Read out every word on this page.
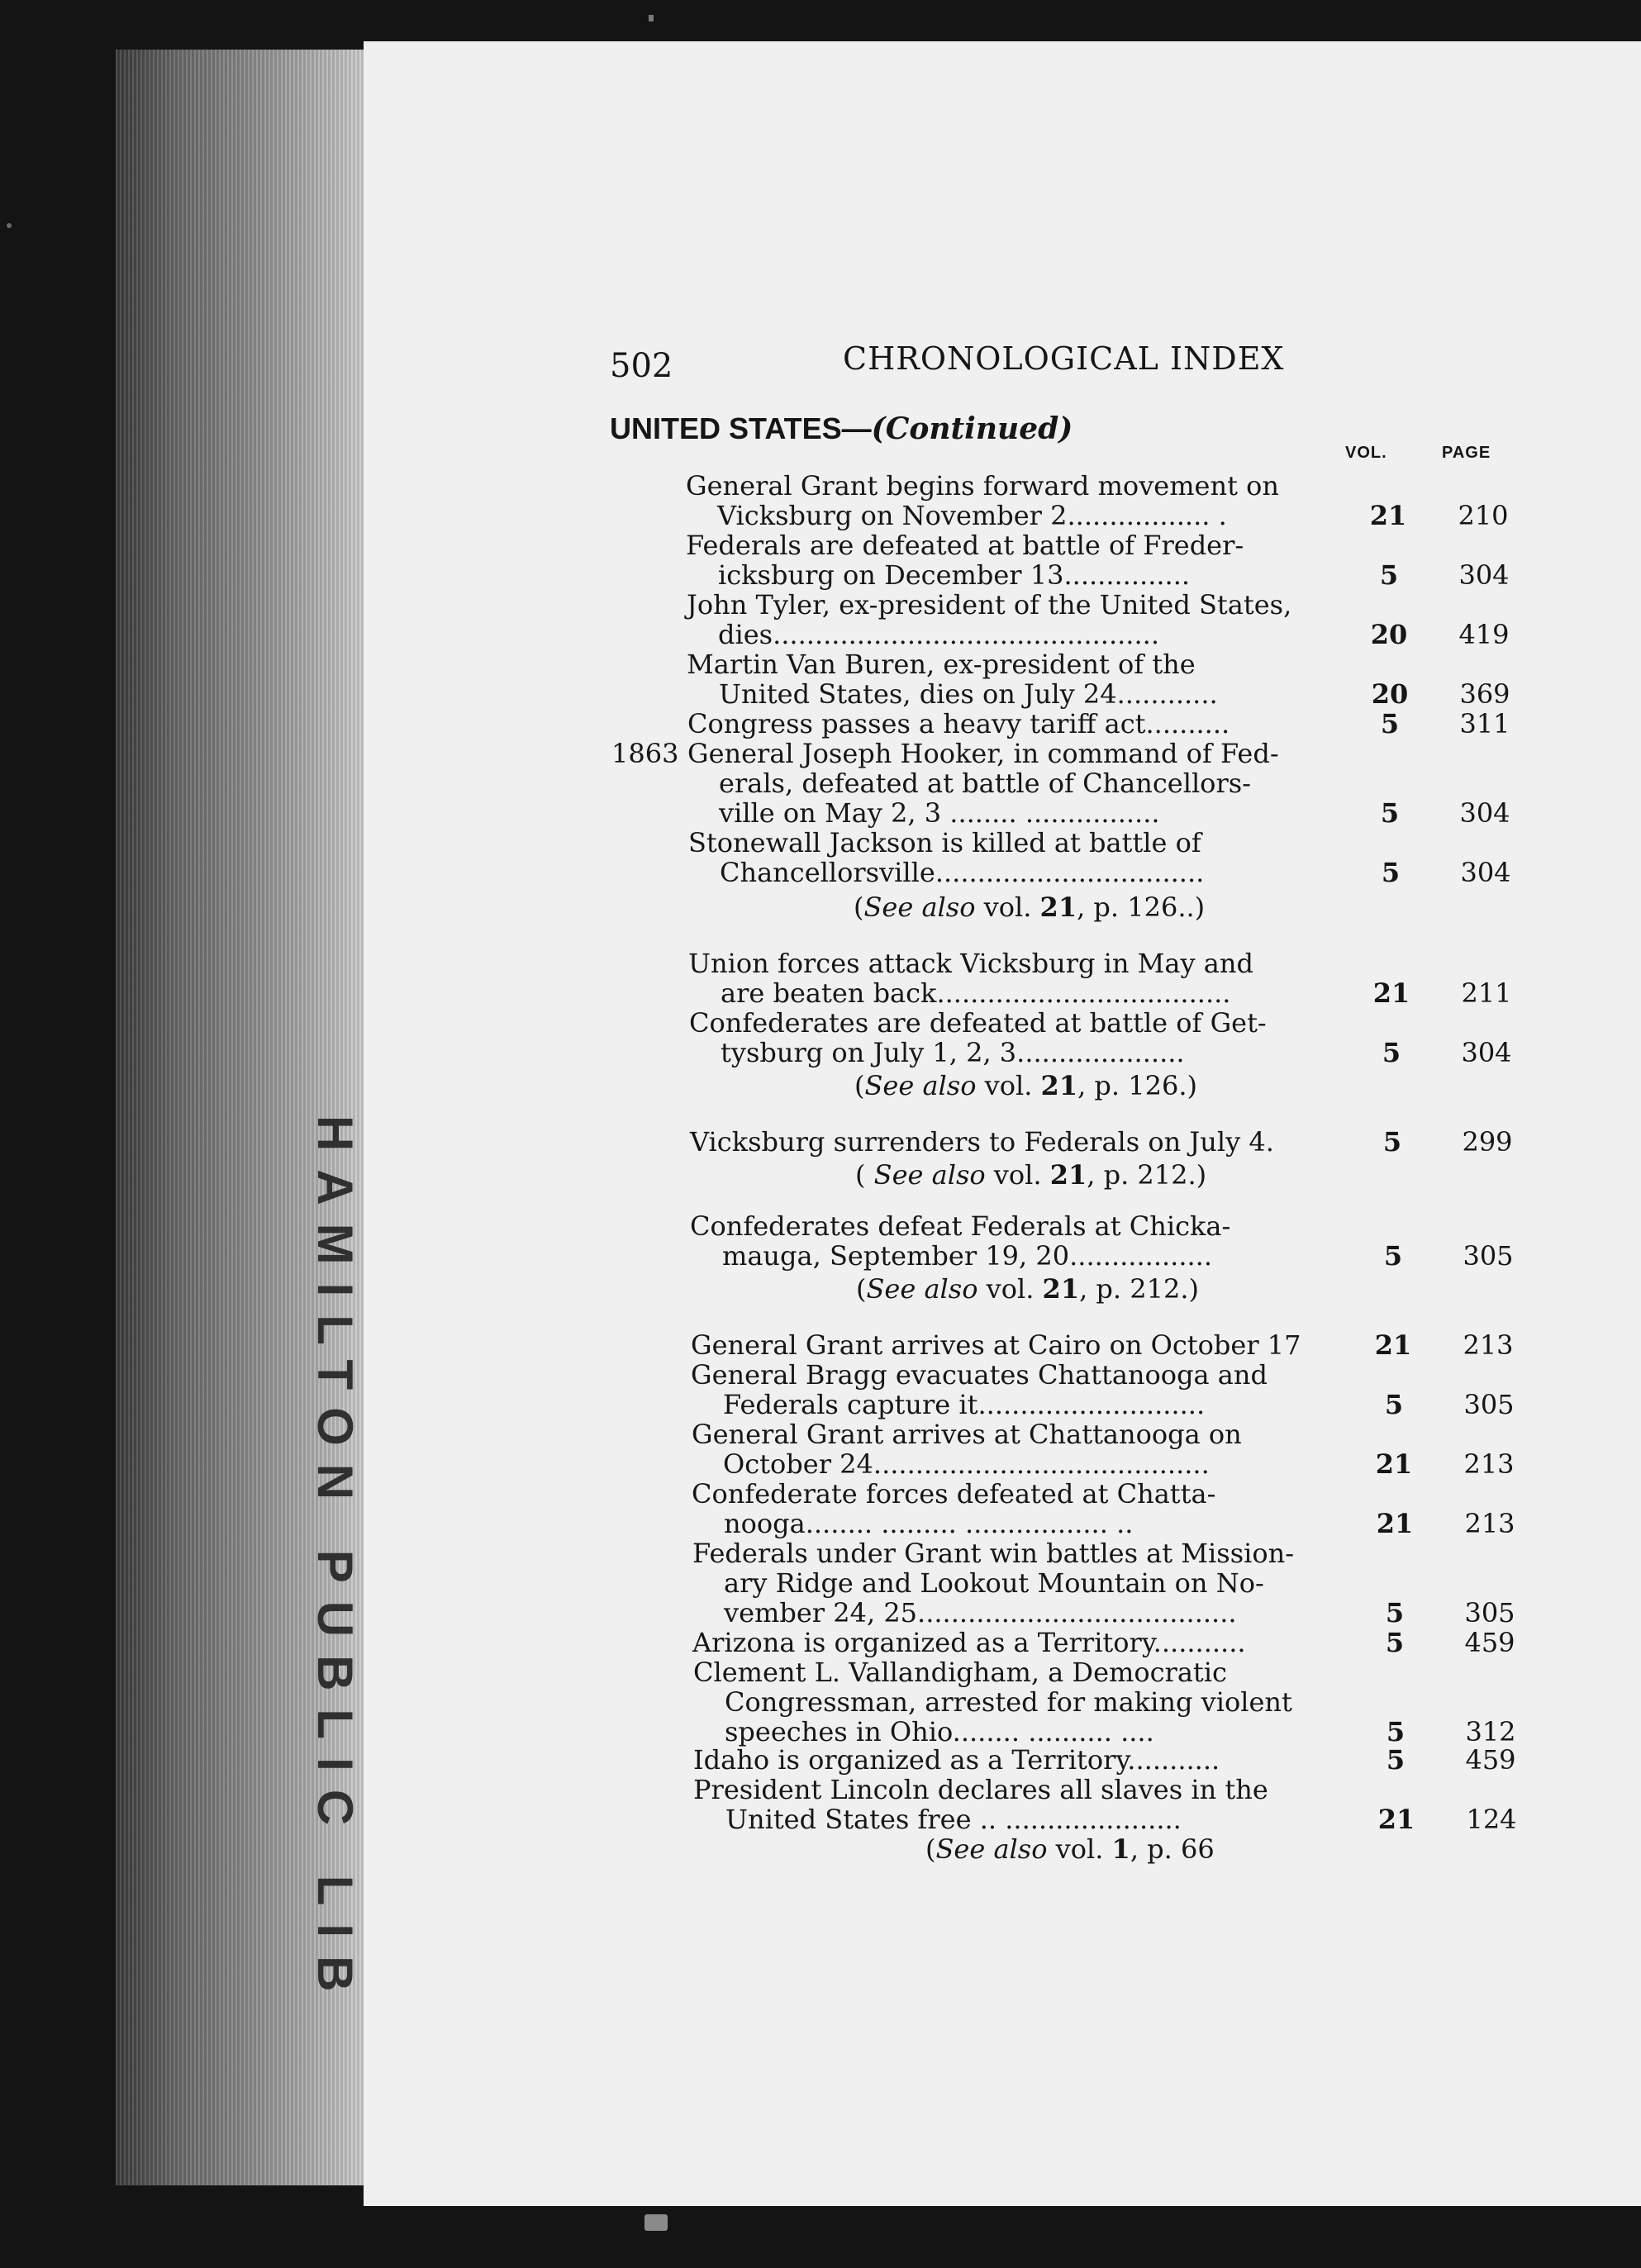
HAMILTON PUBLIC LIB
502	CHRONOLOGICAL INDEX
UNITED STATES—(Continued)
VOL.	PAGE
General Grant begins forward movement on
Vicksburg on November 2................. .	21 210
Federals are defeated at battle of Freder-
icksburg on December 13...............	5	304
John Tyler, ex-president of the United States,
dies..............................................	20 419
Martin Van Buren, ex-president of the
United States, dies on July 24............	20 369
Congress passes a heavy tariff act..........	5	311
1863 General Joseph Hooker, in command of Fed-
erals, defeated at battle of Chancellors-
ville on May 2, 3 ........ ................	5	304
Stonewall Jackson is killed at battle of
Chancellorsville................................	5	304
(See also vol. 21, p. 126..)
Union forces attack Vicksburg in May and
are beaten back...................................	21 211
Confederates are defeated at battle of Get-
tysburg on July 1, 2, 3....................	5	304
(See also vol. 21, p. 126.)
Vicksburg surrenders to Federals on July 4.	5	299
( See also vol. 21, p. 212.)
Confederates defeat Federals at Chicka-
mauga, September 19, 20.................	5	305
(See also vol. 21, p. 212.)
General Grant arrives at Cairo on October 17	21 213
General Bragg evacuates Chattanooga and
Federals capture it...........................	5	305
General Grant arrives at Chattanooga on
October 24........................................	21 213
Confederate forces defeated at Chatta-
nooga........ ......... ................. ..	21 213
Federals under Grant win battles at Mission-
ary Ridge and Lookout Mountain on No-
vember 24, 25......................................	5	305
Arizona is organized as a Territory...........	5	459
Clement L. Vallandigham, a Democratic
Congressman, arrested for making violent
speeches in Ohio........ .......... ....	5	312
Idaho is organized as a Territory...........	5	459
President Lincoln declares all slaves in the
United States free .. .....................	21 124
(See also vol. 1, p. 66
